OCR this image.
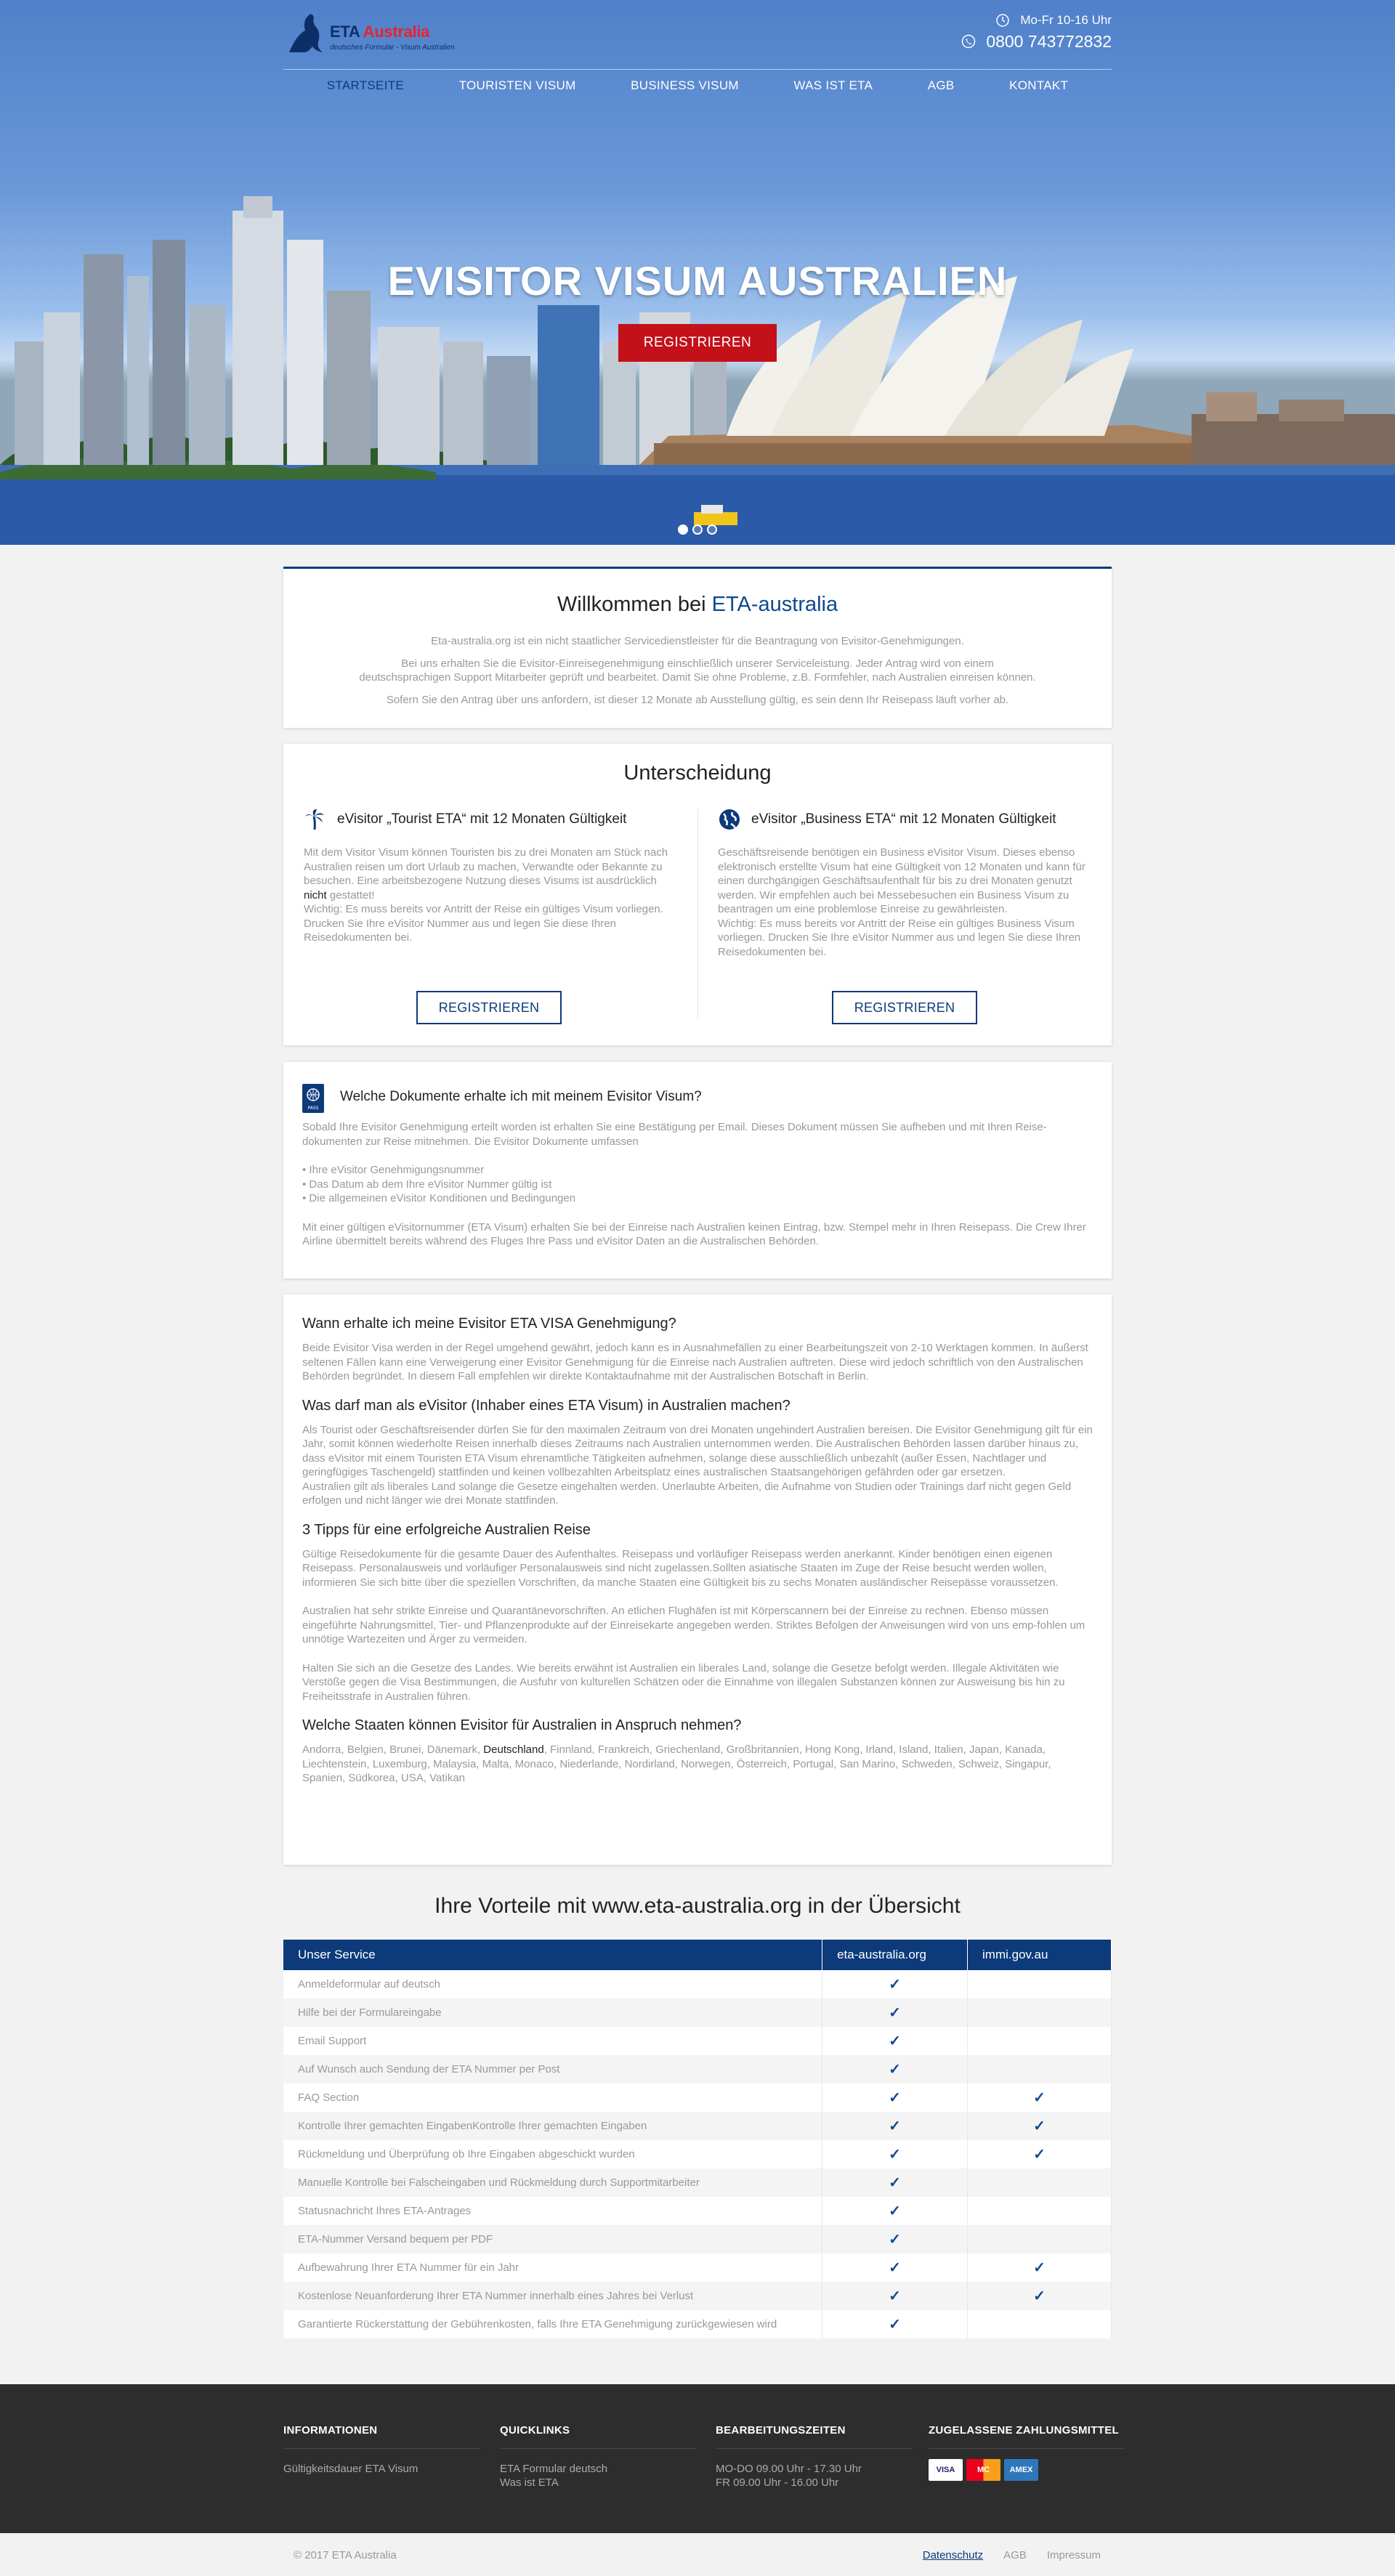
ETA Australia
deutsches Formular - Visum Australien
Mo-Fr 10-16 Uhr
0800 743772832
STARTSEITE	TOURISTEN VISUM	BUSINESS VISUM	WAS IST ETA	AGB	KONTAKT
EVISITOR VISUM AUSTRALIEN
REGISTRIEREN
Willkommen bei ETA-australia

Eta-australia.org ist ein nicht staatlicher Servicedienstleister für die Beantragung von Evisitor-Genehmigungen.

Bei uns erhalten Sie die Evisitor-Einreisegenehmigung einschließlich unserer Serviceleistung. Jeder Antrag wird von einem deutschsprachigen Support Mitarbeiter geprüft und bearbeitet. Damit Sie ohne Probleme, z.B. Formfehler, nach Australien einreisen können.

Sofern Sie den Antrag über uns anfordern, ist dieser 12 Monate ab Ausstellung gültig, es sein denn Ihr Reisepass läuft vorher ab.

Unterscheidung
eVisitor „Tourist ETA“ mit 12 Monaten Gültigkeit

Mit dem Visitor Visum können Touristen bis zu drei Monaten am Stück nach Australien reisen um dort Urlaub zu machen, Verwandte oder Bekannte zu besuchen. Eine arbeitsbezogene Nutzung dieses Visums ist ausdrücklich nicht gestattet!
Wichtig: Es muss bereits vor Antritt der Reise ein gültiges Visum vorliegen. Drucken Sie Ihre eVisitor Nummer aus und legen Sie diese Ihren Reisedokumenten bei.

REGISTRIEREN
eVisitor „Business ETA“ mit 12 Monaten Gültigkeit

Geschäftsreisende benötigen ein Business eVisitor Visum. Dieses ebenso elektronisch erstellte Visum hat eine Gültigkeit von 12 Monaten und kann für einen durchgängigen Geschäftsaufenthalt für bis zu drei Monaten genutzt werden. Wir empfehlen auch bei Messebesuchen ein Business Visum zu beantragen um eine problemlose Einreise zu gewährleisten.
Wichtig: Es muss bereits vor Antritt der Reise ein gültiges Business Visum vorliegen. Drucken Sie Ihre eVisitor Nummer aus und legen Sie diese Ihren Reisedokumenten bei.

REGISTRIEREN
PASS
Welche Dokumente erhalte ich mit meinem Evisitor Visum?

Sobald Ihre Evisitor Genehmigung erteilt worden ist erhalten Sie eine Bestätigung per Email. Dieses Dokument müssen Sie aufheben und mit Ihren Reise-dokumenten zur Reise mitnehmen. Die Evisitor Dokumente umfassen

• Ihre eVisitor Genehmigungsnummer

• Das Datum ab dem Ihre eVisitor Nummer gültig ist

• Die allgemeinen eVisitor Konditionen und Bedingungen

Mit einer gültigen eVisitornummer (ETA Visum) erhalten Sie bei der Einreise nach Australien keinen Eintrag, bzw. Stempel mehr in Ihren Reisepass. Die Crew Ihrer Airline übermittelt bereits während des Fluges Ihre Pass und eVisitor Daten an die Australischen Behörden.

Wann erhalte ich meine Evisitor ETA VISA Genehmigung?

Beide Evisitor Visa werden in der Regel umgehend gewährt, jedoch kann es in Ausnahmefällen zu einer Bearbeitungszeit von 2-10 Werktagen kommen. In äußerst seltenen Fällen kann eine Verweigerung einer Evisitor Genehmigung für die Einreise nach Australien auftreten. Diese wird jedoch schriftlich von den Australischen Behörden begründet. In diesem Fall empfehlen wir direkte Kontaktaufnahme mit der Australischen Botschaft in Berlin.

Was darf man als eVisitor (Inhaber eines ETA Visum) in Australien machen?

Als Tourist oder Geschäftsreisender dürfen Sie für den maximalen Zeitraum von drei Monaten ungehindert Australien bereisen. Die Evisitor Genehmigung gilt für ein Jahr, somit können wiederholte Reisen innerhalb dieses Zeitraums nach Australien unternommen werden. Die Australischen Behörden lassen darüber hinaus zu, dass eVisitor mit einem Touristen ETA Visum ehrenamtliche Tätigkeiten aufnehmen, solange diese ausschließlich unbezahlt (außer Essen, Nachtlager und geringfügiges Taschengeld) stattfinden und keinen vollbezahlten Arbeitsplatz eines australischen Staatsangehörigen gefährden oder gar ersetzen.

Australien gilt als liberales Land solange die Gesetze eingehalten werden. Unerlaubte Arbeiten, die Aufnahme von Studien oder Trainings darf nicht gegen Geld erfolgen und nicht länger wie drei Monate stattfinden.

3 Tipps für eine erfolgreiche Australien Reise

Gültige Reisedokumente für die gesamte Dauer des Aufenthaltes. Reisepass und vorläufiger Reisepass werden anerkannt. Kinder benötigen einen eigenen Reisepass. Personalausweis und vorläufiger Personalausweis sind nicht zugelassen.Sollten asiatische Staaten im Zuge der Reise besucht werden wollen, informieren Sie sich bitte über die speziellen Vorschriften, da manche Staaten eine Gültigkeit bis zu sechs Monaten ausländischer Reisepässe voraussetzen.

Australien hat sehr strikte Einreise und Quarantänevorschriften. An etlichen Flughäfen ist mit Körperscannern bei der Einreise zu rechnen. Ebenso müssen eingeführte Nahrungsmittel, Tier- und Pflanzenprodukte auf der Einreisekarte angegeben werden. Striktes Befolgen der Anweisungen wird von uns emp-fohlen um unnötige Wartezeiten und Ärger zu vermeiden.

Halten Sie sich an die Gesetze des Landes. Wie bereits erwähnt ist Australien ein liberales Land, solange die Gesetze befolgt werden. Illegale Aktivitäten wie Verstöße gegen die Visa Bestimmungen, die Ausfuhr von kulturellen Schätzen oder die Einnahme von illegalen Substanzen können zur Ausweisung bis hin zu Freiheitsstrafe in Australien führen.

Welche Staaten können Evisitor für Australien in Anspruch nehmen?

Andorra, Belgien, Brunei, Dänemark, Deutschland, Finnland, Frankreich, Griechenland, Großbritannien, Hong Kong, Irland, Island, Italien, Japan, Kanada, Liechtenstein, Luxemburg, Malaysia, Malta, Monaco, Niederlande, Nordirland, Norwegen, Österreich, Portugal, San Marino, Schweden, Schweiz, Singapur, Spanien, Südkorea, USA, Vatikan

Ihre Vorteile mit www.eta-australia.org in der Übersicht
Unser Service	eta-australia.org	immi.gov.au
Anmeldeformular auf deutsch	✓	
Hilfe bei der Formulareingabe	✓	
Email Support	✓	
Auf Wunsch auch Sendung der ETA Nummer per Post	✓	
FAQ Section	✓	✓
Kontrolle Ihrer gemachten EingabenKontrolle Ihrer gemachten Eingaben	✓	✓
Rückmeldung und Überprüfung ob Ihre Eingaben abgeschickt wurden	✓	✓
Manuelle Kontrolle bei Falscheingaben und Rückmeldung durch Supportmitarbeiter	✓	
Statusnachricht Ihres ETA-Antrages	✓	
ETA-Nummer Versand bequem per PDF	✓	
Aufbewahrung Ihrer ETA Nummer für ein Jahr	✓	✓
Kostenlose Neuanforderung Ihrer ETA Nummer innerhalb eines Jahres bei Verlust	✓	✓
Garantierte Rückerstattung der Gebührenkosten, falls Ihre ETA Genehmigung zurückgewiesen wird	✓	
INFORMATIONEN
Gültigkeitsdauer ETA Visum
QUICKLINKS
ETA Formular deutsch
Was ist ETA
BEARBEITUNGSZEITEN
MO-DO 09.00 Uhr - 17.30 Uhr
FR 09.00 Uhr - 16.00 Uhr
ZUGELASSENE ZAHLUNGSMITTEL
VISA	MC	AMEX
© 2017 ETA Australia	Datenschutz AGB Impressum
